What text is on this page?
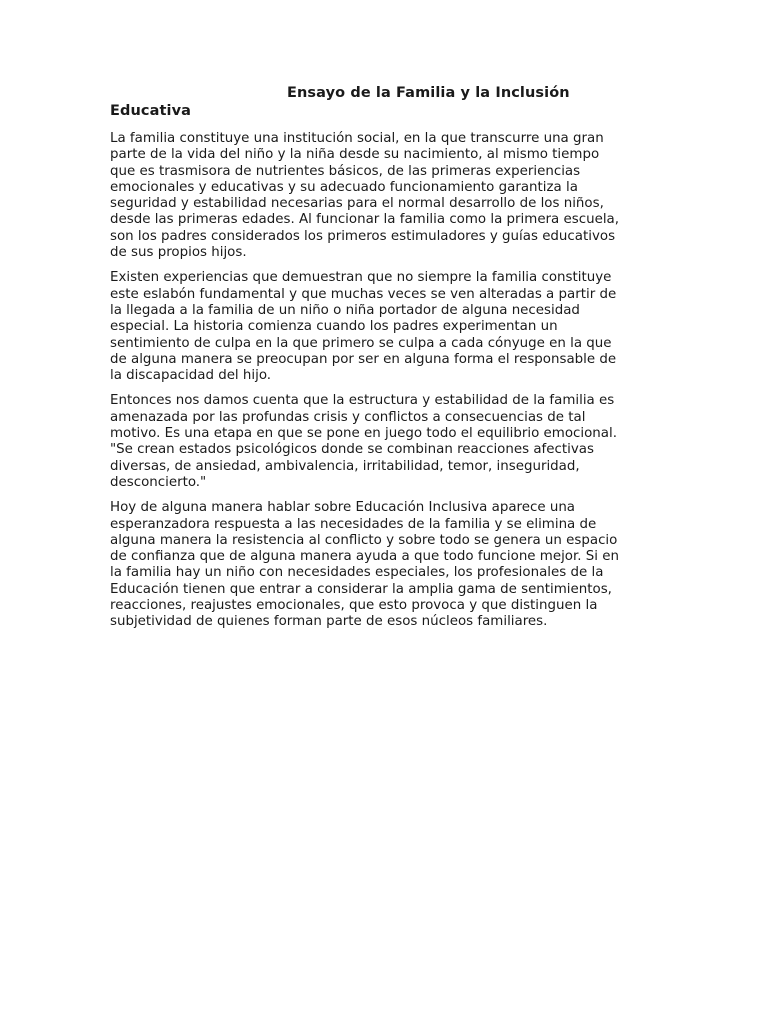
Ensayo de la Familia y la Inclusión Educativa

La familia constituye una institución social, en la que transcurre una gran
parte de la vida del niño y la niña desde su nacimiento, al mismo tiempo
que es trasmisora de nutrientes básicos, de las primeras experiencias
emocionales y educativas y su adecuado funcionamiento garantiza la
seguridad y estabilidad necesarias para el normal desarrollo de los niños,
desde las primeras edades. Al funcionar la familia como la primera escuela,
son los padres considerados los primeros estimuladores y guías educativos
de sus propios hijos.

Existen experiencias que demuestran que no siempre la familia constituye
este eslabón fundamental y que muchas veces se ven alteradas a partir de
la llegada a la familia de un niño o niña portador de alguna necesidad
especial. La historia comienza cuando los padres experimentan un
sentimiento de culpa en la que primero se culpa a cada cónyuge en la que
de alguna manera se preocupan por ser en alguna forma el responsable de
la discapacidad del hijo.

Entonces nos damos cuenta que la estructura y estabilidad de la familia es
amenazada por las profundas crisis y conflictos a consecuencias de tal
motivo. Es una etapa en que se pone en juego todo el equilibrio emocional.
"Se crean estados psicológicos donde se combinan reacciones afectivas
diversas, de ansiedad, ambivalencia, irritabilidad, temor, inseguridad,
desconcierto."

Hoy de alguna manera hablar sobre Educación Inclusiva aparece una
esperanzadora respuesta a las necesidades de la familia y se elimina de
alguna manera la resistencia al conflicto y sobre todo se genera un espacio
de confianza que de alguna manera ayuda a que todo funcione mejor. Si en
la familia hay un niño con necesidades especiales, los profesionales de la
Educación tienen que entrar a considerar la amplia gama de sentimientos,
reacciones, reajustes emocionales, que esto provoca y que distinguen la
subjetividad de quienes forman parte de esos núcleos familiares.
